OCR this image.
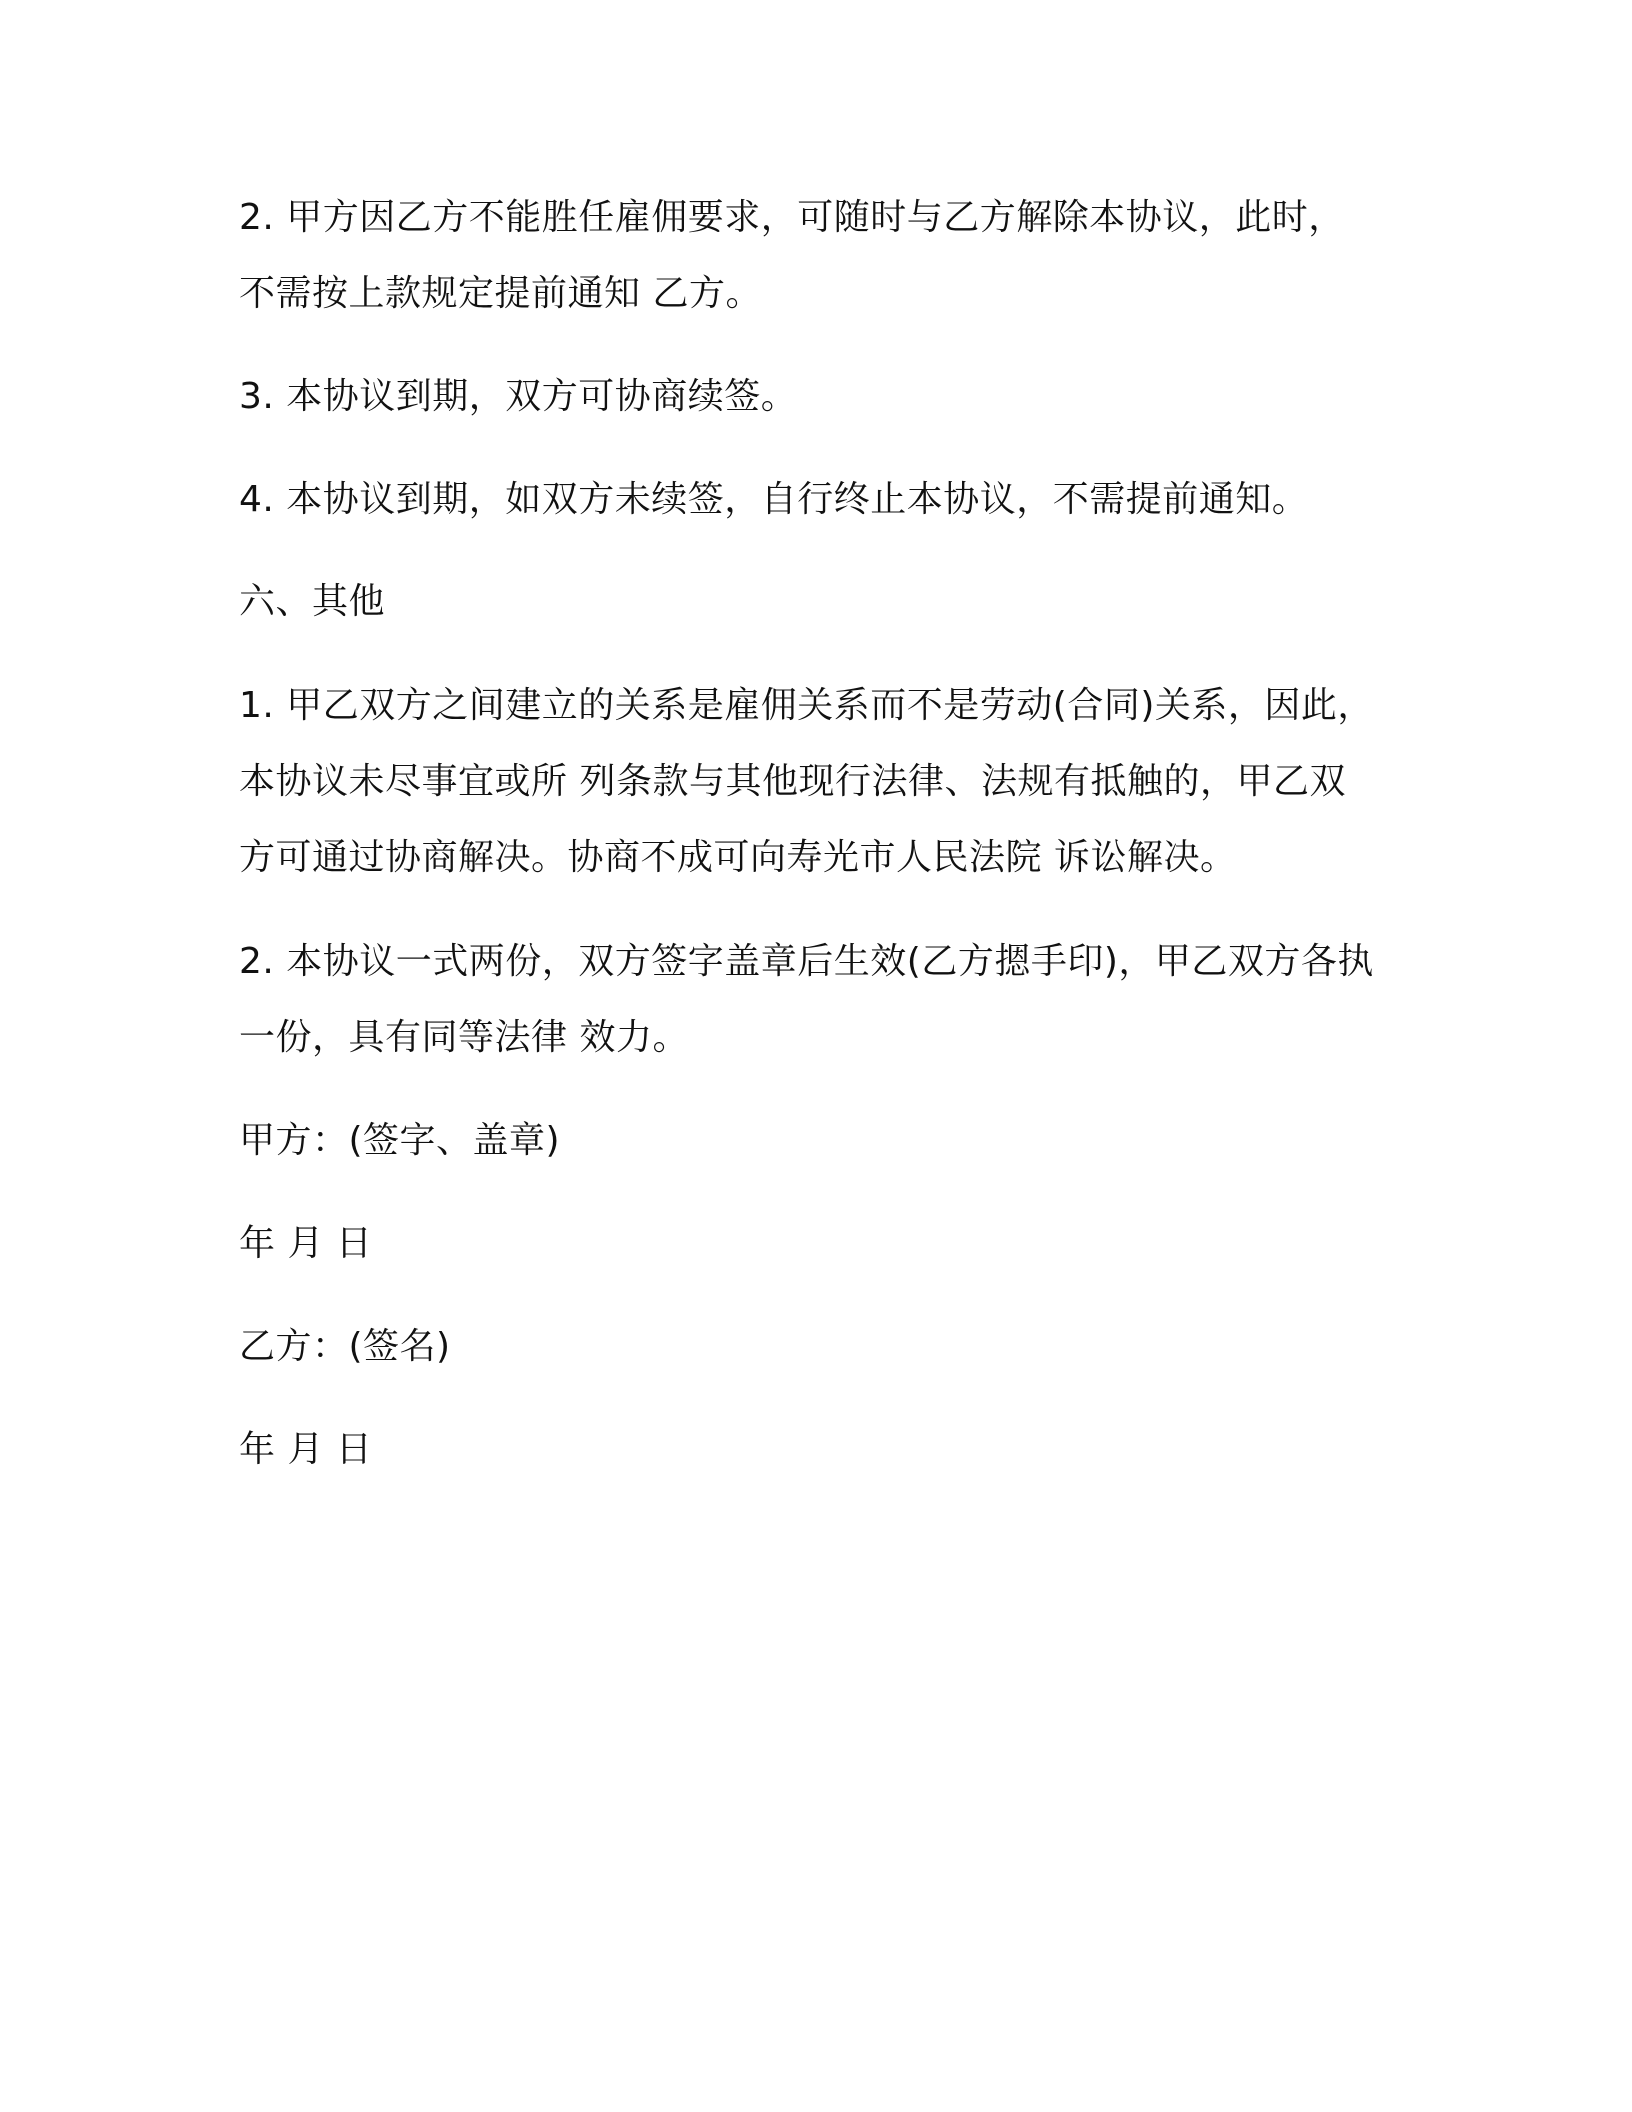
2. 甲方因乙方不能胜任雇佣要求，可随时与乙方解除本协议，此时，
不需按上款规定提前通知 乙方。
3. 本协议到期，双方可协商续签。
4. 本协议到期，如双方未续签，自行终止本协议，不需提前通知。
六、其他
1. 甲乙双方之间建立的关系是雇佣关系而不是劳动(合同)关系，因此，
本协议未尽事宜或所 列条款与其他现行法律、法规有抵触的，甲乙双
方可通过协商解决。协商不成可向寿光市人民法院 诉讼解决。
2. 本协议一式两份，双方签字盖章后生效(乙方摁手印)，甲乙双方各执
一份，具有同等法律 效力。
甲方：(签字、盖章)
年 月 日
乙方：(签名)
年 月 日
